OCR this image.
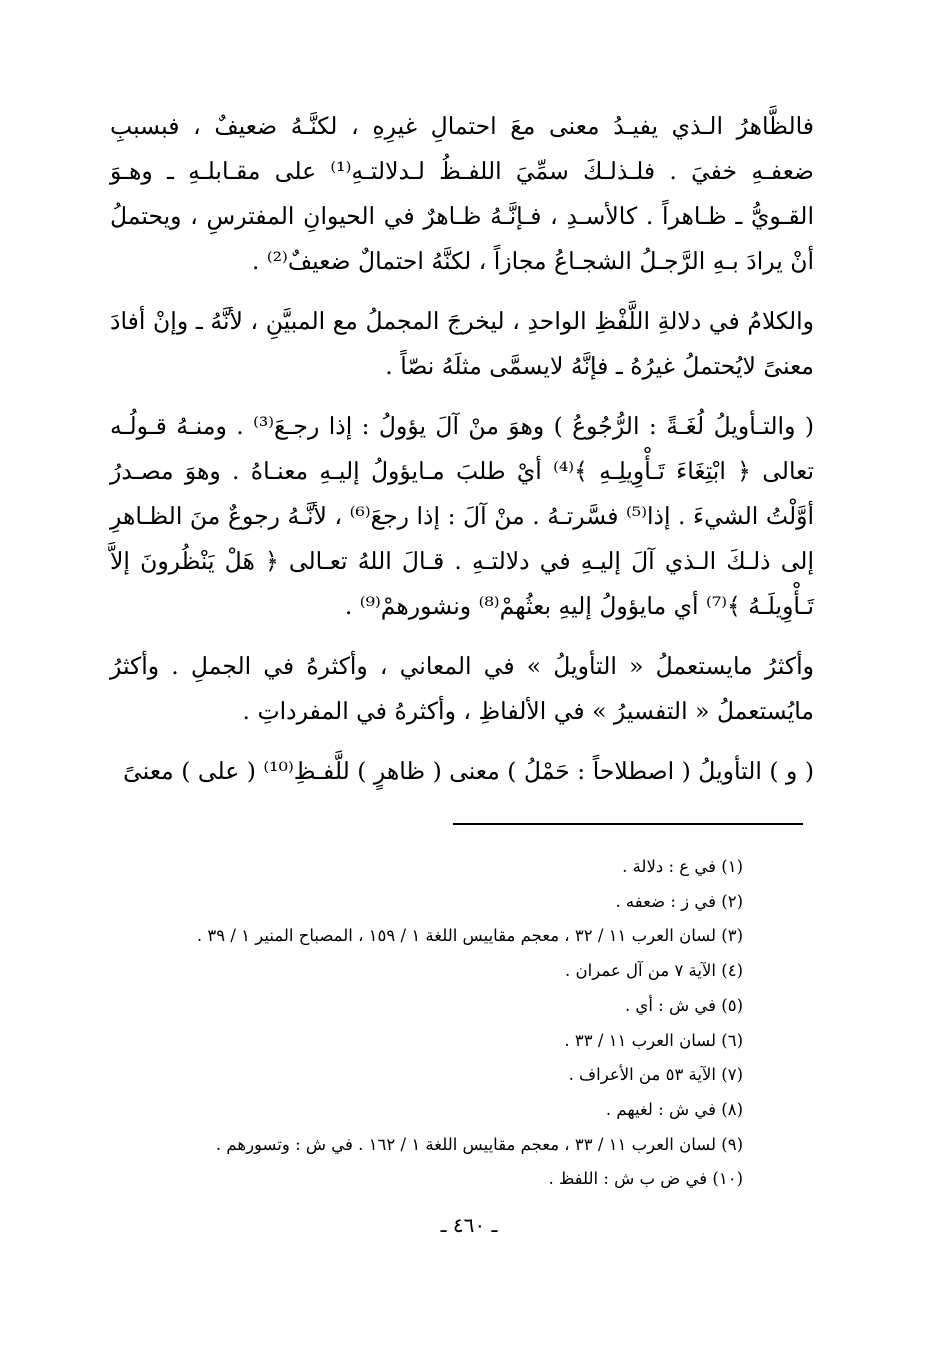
فالظَّاهرُ الـذي يفيـدُ معنى معَ احتمالِ غيرِهِ ، لكنَّـهُ ضعيفٌ ، فبسببِ ضعفـهِ خفيَ . فلـذلـكَ سمِّيَ اللفـظُ لـدلالتـهِ⁽¹⁾ على مقـابلـهِ ـ وهـوَ القـويُّ ـ ظـاهراً . كالأسـدِ ، فـإنَّـهُ ظـاهرٌ في الحيوانِ المفترسِ ، ويحتملُ أنْ يرادَ بـهِ الرَّجـلُ الشجـاعُ مجازاً ، لكنَّهُ احتمالٌ ضعيفٌ⁽²⁾ .

والكلامُ في دلالةِ اللَّفْظِ الواحدِ ، ليخرجَ المجملُ مع المبيَّنِ ، لأنَّهُ ـ وإنْ أفادَ معنىً لايُحتملُ غيرُهُ ـ فإنَّهُ لايسمَّى مثلَهُ نصّاً .

( والتـأويلُ لُغَـةً : الرُّجُوعُ ) وهوَ منْ آلَ يؤولُ : إذا رجـعَ⁽³⁾ . ومنـهُ قـولُـه تعالى ﴿ ابْتِغَاءَ تَـأْوِيلِـهِ ﴾⁽⁴⁾ أيْ طلبَ مـايؤولُ إليـهِ معنـاهُ . وهوَ مصـدرُ أوَّلْتُ الشيءَ . إذا⁽⁵⁾ فسَّرتـهُ . منْ آلَ : إذا رجعَ⁽⁶⁾ ، لأنَّـهُ رجوعٌ منَ الظـاهرِ إلى ذلـكَ الـذي آلَ إليـهِ في دلالتـهِ . قـالَ اللهُ تعـالى ﴿ هَلْ يَنْظُرونَ إلاَّ تَـأْوِيلَـهُ ﴾⁽⁷⁾ أي مايؤولُ إليهِ بعثُهمْ⁽⁸⁾ ونشورهمْ⁽⁹⁾ .

وأكثرُ مايستعملُ « التأويلُ » في المعاني ، وأكثرهُ في الجملِ . وأكثرُ مايُستعملُ « التفسيرُ » في الألفاظِ ، وأكثرهُ في المفرداتِ .

( و ) التأويلُ ( اصطلاحاً : حَمْلُ ) معنى ( ظاهرٍ ) للَّفـظِ⁽¹⁰⁾ ( على ) معنىً

(١) في ع : دلالة .
(٢) في ز : ضعفه .
(٣) لسان العرب ١١ / ٣٢ ، معجم مقاييس اللغة ١ / ١٥٩ ، المصباح المنير ١ / ٣٩ .
(٤) الآية ٧ من آل عمران .
(٥) في ش : أي .
(٦) لسان العرب ١١ / ٣٣ .
(٧) الآية ٥٣ من الأعراف .
(٨) في ش : لغيهم .
(٩) لسان العرب ١١ / ٣٣ ، معجم مقاييس اللغة ١ / ١٦٢ . في ش : وتسورهم .
(١٠) في ض ب ش : اللفظ .
ـ ٤٦٠ ـ
